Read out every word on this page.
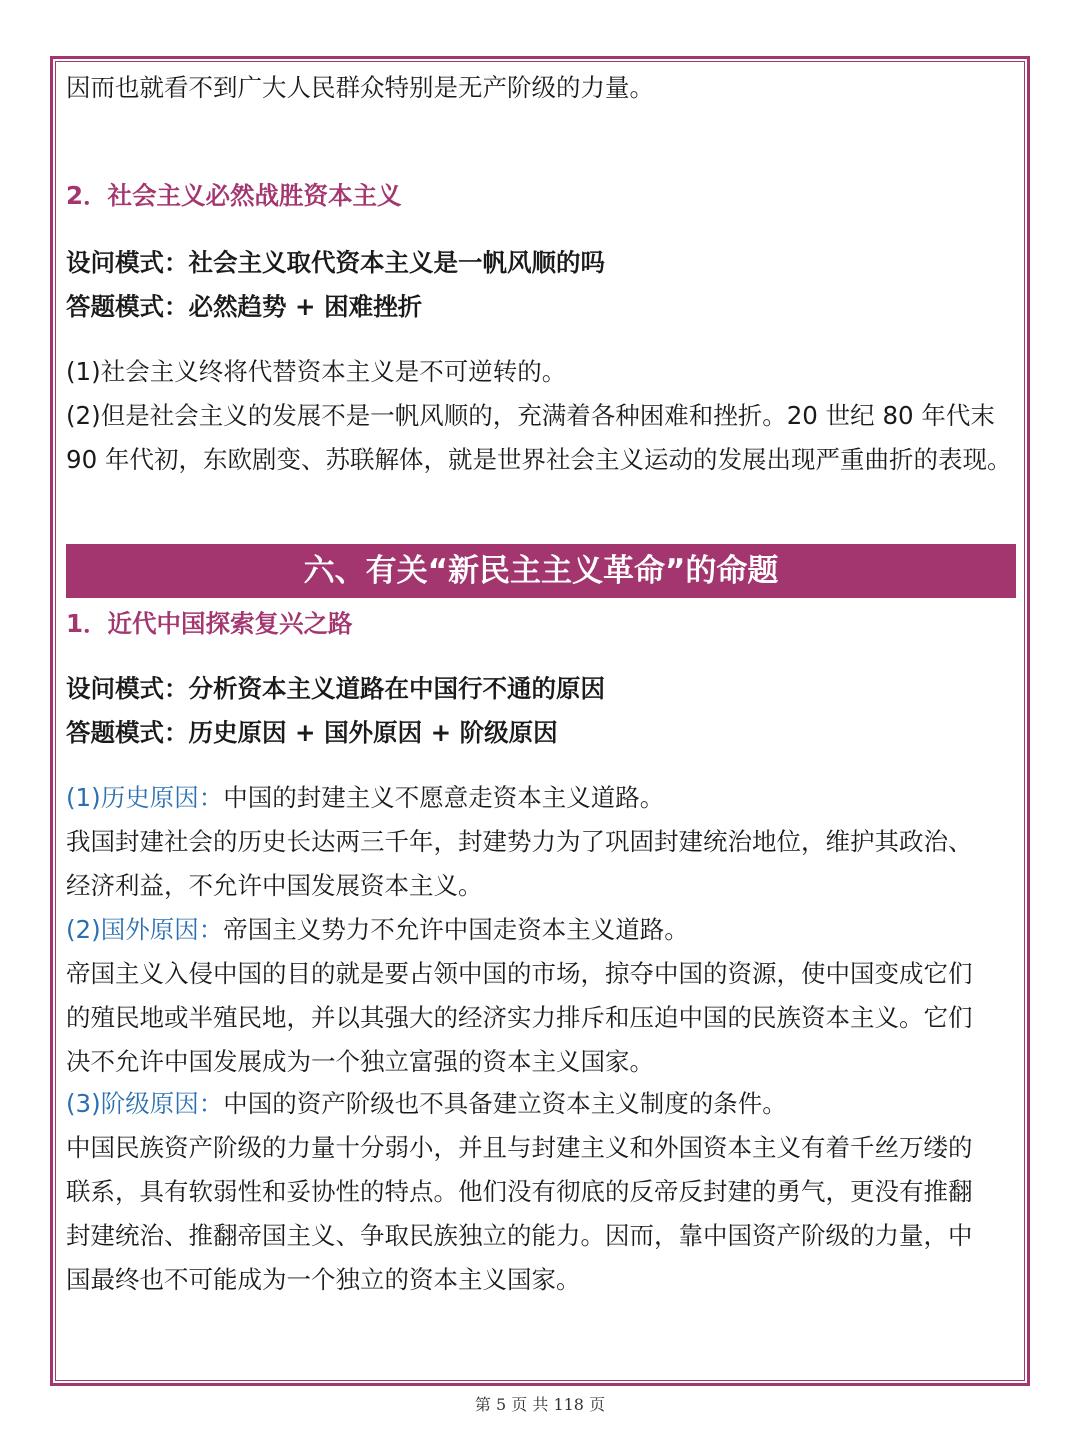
因而也就看不到广大人民群众特别是无产阶级的力量。

2．社会主义必然战胜资本主义

设问模式：社会主义取代资本主义是一帆风顺的吗

答题模式：必然趋势 + 困难挫折

(1)社会主义终将代替资本主义是不可逆转的。

(2)但是社会主义的发展不是一帆风顺的，充满着各种困难和挫折。20 世纪 80 年代末

90 年代初，东欧剧变、苏联解体，就是世界社会主义运动的发展出现严重曲折的表现。

六、有关“新民主主义革命”的命题

1．近代中国探索复兴之路

设问模式：分析资本主义道路在中国行不通的原因

答题模式：历史原因 + 国外原因 + 阶级原因

(1)历史原因：中国的封建主义不愿意走资本主义道路。

我国封建社会的历史长达两三千年，封建势力为了巩固封建统治地位，维护其政治、

经济利益，不允许中国发展资本主义。

(2)国外原因：帝国主义势力不允许中国走资本主义道路。

帝国主义入侵中国的目的就是要占领中国的市场，掠夺中国的资源，使中国变成它们

的殖民地或半殖民地，并以其强大的经济实力排斥和压迫中国的民族资本主义。它们

决不允许中国发展成为一个独立富强的资本主义国家。

(3)阶级原因：中国的资产阶级也不具备建立资本主义制度的条件。

中国民族资产阶级的力量十分弱小，并且与封建主义和外国资本主义有着千丝万缕的

联系，具有软弱性和妥协性的特点。他们没有彻底的反帝反封建的勇气，更没有推翻

封建统治、推翻帝国主义、争取民族独立的能力。因而，靠中国资产阶级的力量，中

国最终也不可能成为一个独立的资本主义国家。

第 5 页 共 118 页
